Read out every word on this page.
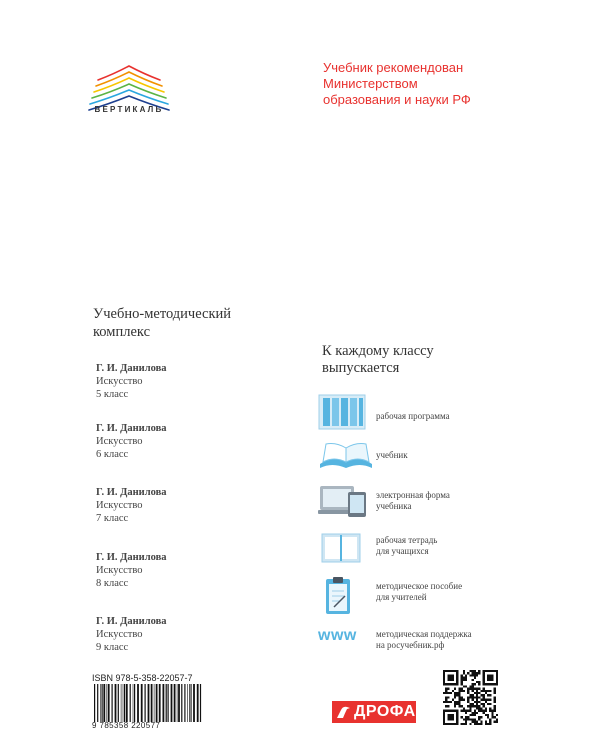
ВЕРТИКАЛЬ
Учебник рекомендован
Министерством
образования и науки РФ
Учебно-методический
комплекс
Г. И. Данилова
Искусство
5 класс
Г. И. Данилова
Искусство
6 класс
Г. И. Данилова
Искусство
7 класс
Г. И. Данилова
Искусство
8 класс
Г. И. Данилова
Искусство
9 класс
К каждому классу
выпускается
рабочая программа
учебник
электронная форма
учебника
рабочая тетрадь
для учащихся
методическое пособие
для учителей
www	методическая поддержка
на росучебник.рф
ISBN 978-5-358-22057-7
9 785358 220577
ДРОФА
